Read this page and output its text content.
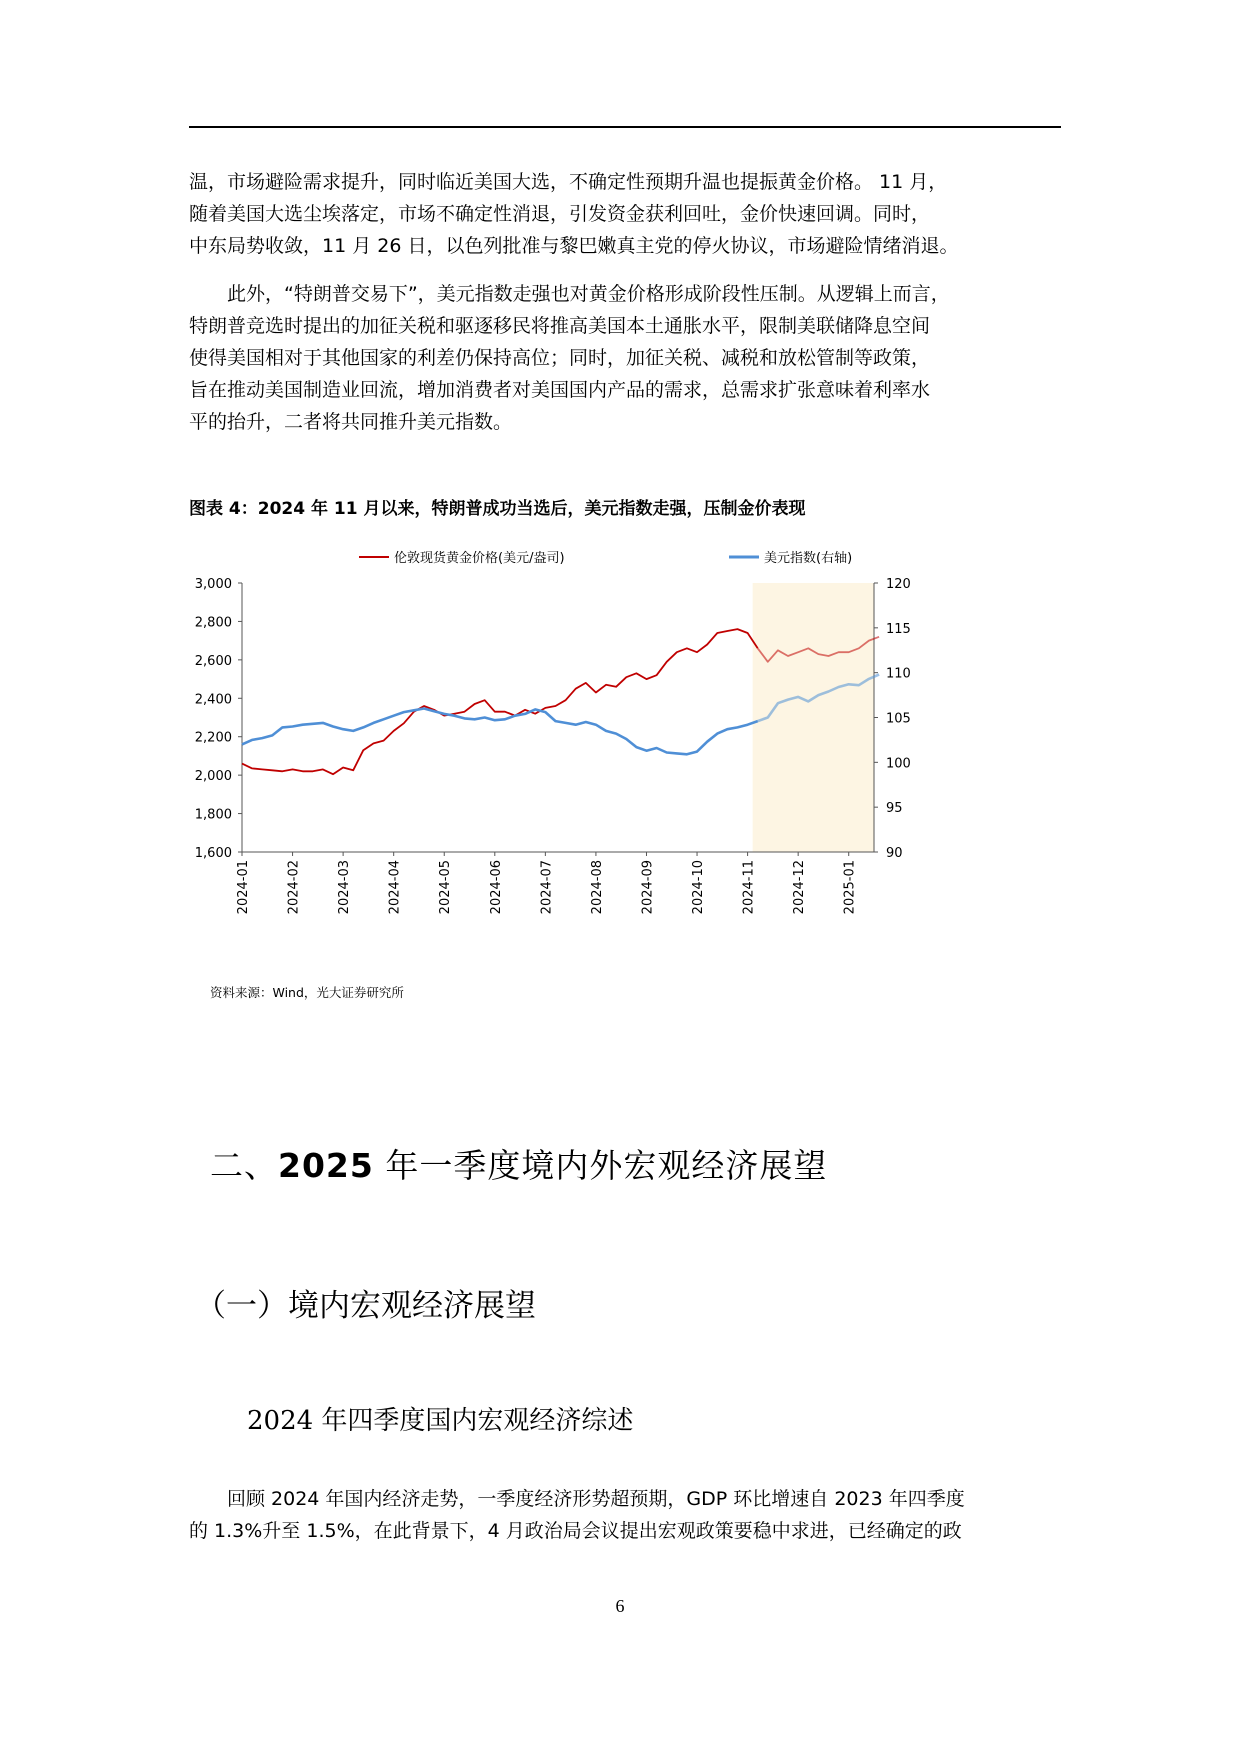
温，市场避险需求提升，同时临近美国大选，不确定性预期升温也提振黄金价格。 11 月，
随着美国大选尘埃落定，市场不确定性消退，引发资金获利回吐，金价快速回调。同时，
中东局势收敛，11 月 26 日，以色列批准与黎巴嫩真主党的停火协议，市场避险情绪消退。
此外，“特朗普交易下”，美元指数走强也对黄金价格形成阶段性压制。从逻辑上而言，
特朗普竞选时提出的加征关税和驱逐移民将推高美国本土通胀水平，限制美联储降息空间
使得美国相对于其他国家的利差仍保持高位；同时，加征关税、减税和放松管制等政策，
旨在推动美国制造业回流，增加消费者对美国国内产品的需求，总需求扩张意味着利率水
平的抬升，二者将共同推升美元指数。

图表 4：2024 年 11 月以来，特朗普成功当选后，美元指数走强，压制金价表现

伦敦现货黄金价格(美元/盎司)	美元指数(右轴)
3,000
2,800
2,600
2,400
2,200
2,000
1,800
1,600
120
115
110
105
100
95
90
2024-01	2024-02	2024-03	2024-04	2024-05	2024-06	2024-07	2024-08	2024-09	2024-10	2024-11	2024-12	2025-01

资料来源：Wind，光大证券研究所

二、2025 年一季度境内外宏观经济展望
（一）境内宏观经济展望
2024 年四季度国内宏观经济综述
回顾 2024 年国内经济走势，一季度经济形势超预期，GDP 环比增速自 2023 年四季度
的 1.3%升至 1.5%，在此背景下，4 月政治局会议提出宏观政策要稳中求进，已经确定的政

6
